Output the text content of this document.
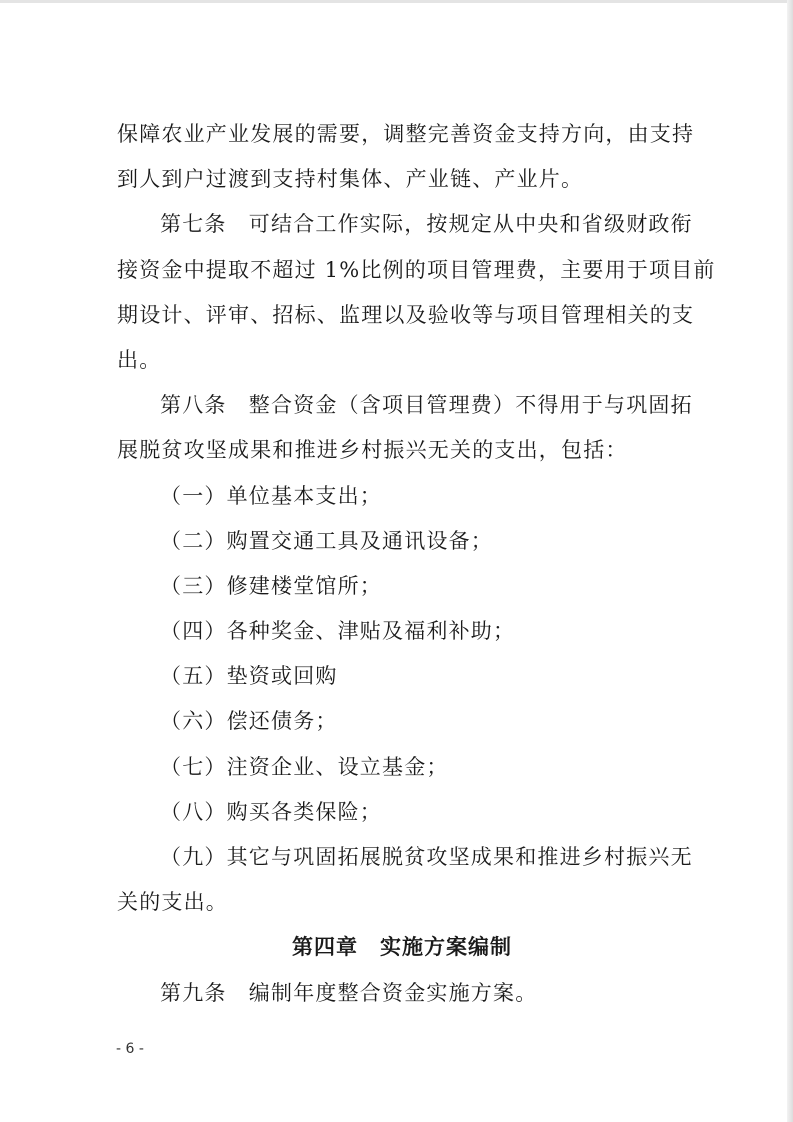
保障农业产业发展的需要，调整完善资金支持方向，由支持
到人到户过渡到支持村集体、产业链、产业片。
第七条　可结合工作实际，按规定从中央和省级财政衔
接资金中提取不超过 1%比例的项目管理费，主要用于项目前
期设计、评审、招标、监理以及验收等与项目管理相关的支
出。
第八条　整合资金（含项目管理费）不得用于与巩固拓
展脱贫攻坚成果和推进乡村振兴无关的支出，包括：
（一）单位基本支出；
（二）购置交通工具及通讯设备；
（三）修建楼堂馆所；
（四）各种奖金、津贴及福利补助；
（五）垫资或回购
（六）偿还债务；
（七）注资企业、设立基金；
（八）购买各类保险；
（九）其它与巩固拓展脱贫攻坚成果和推进乡村振兴无
关的支出。
第四章　实施方案编制
第九条　编制年度整合资金实施方案。
- 6 -
